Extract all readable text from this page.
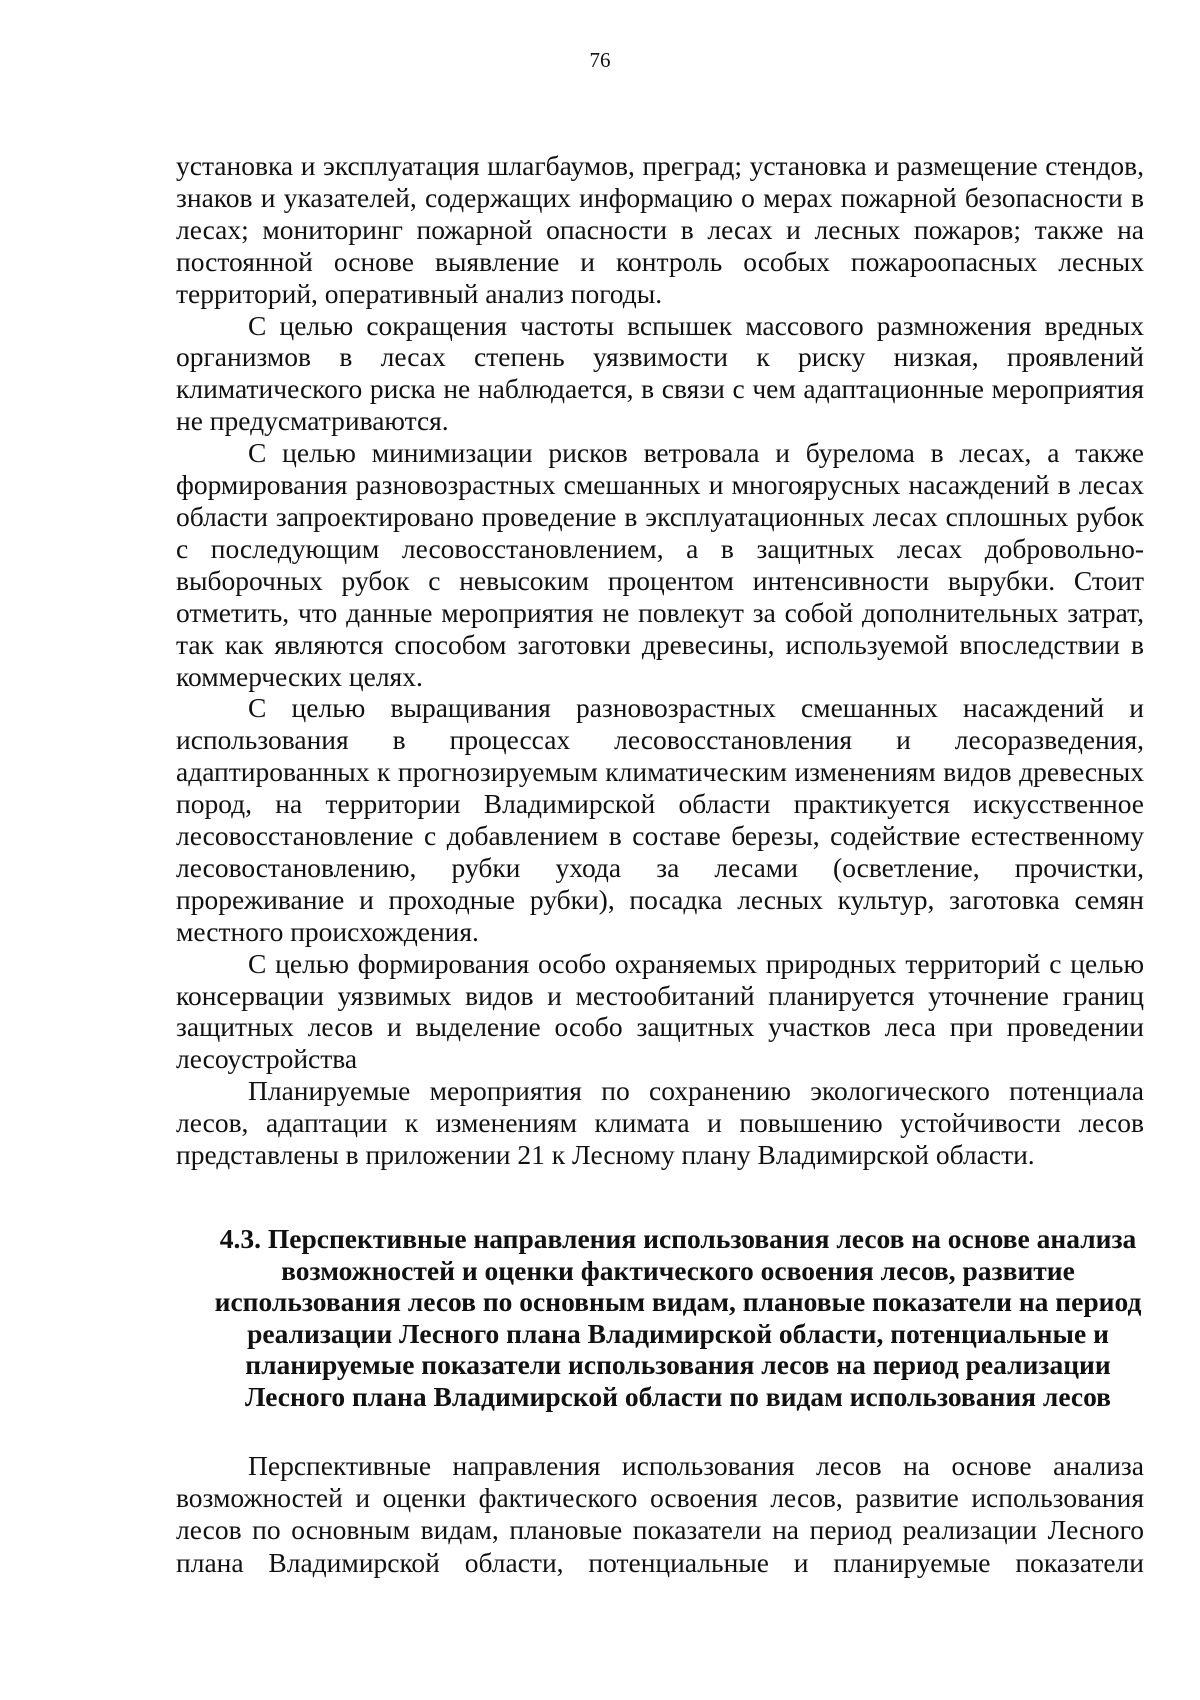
76

установка и эксплуатация шлагбаумов, преград; установка и размещение стендов, знаков и указателей, содержащих информацию о мерах пожарной безопасности в лесах; мониторинг пожарной опасности в лесах и лесных пожаров; также на постоянной основе выявление и контроль особых пожароопасных лесных территорий, оперативный анализ погоды.

С целью сокращения частоты вспышек массового размножения вредных организмов в лесах степень уязвимости к риску низкая, проявлений климатического риска не наблюдается, в связи с чем адаптационные мероприятия не предусматриваются.

С целью минимизации рисков ветровала и бурелома в лесах, а также формирования разновозрастных смешанных и многоярусных насаждений в лесах области запроектировано проведение в эксплуатационных лесах сплошных рубок с последующим лесовосстановлением, а в защитных лесах добровольно-выборочных рубок с невысоким процентом интенсивности вырубки. Стоит отметить, что данные мероприятия не повлекут за собой дополнительных затрат, так как являются способом заготовки древесины, используемой впоследствии в коммерческих целях.

С целью выращивания разновозрастных смешанных насаждений и использования в процессах лесовосстановления и лесоразведения, адаптированных к прогнозируемым климатическим изменениям видов древесных пород, на территории Владимирской области практикуется искусственное лесовосстановление с добавлением в составе березы, содействие естественному лесовостановлению, рубки ухода за лесами (осветление, прочистки, прореживание и проходные рубки), посадка лесных культур, заготовка семян местного происхождения.

С целью формирования особо охраняемых природных территорий с целью консервации уязвимых видов и местообитаний планируется уточнение границ защитных лесов и выделение особо защитных участков леса при проведении лесоустройства

Планируемые мероприятия по сохранению экологического потенциала лесов, адаптации к изменениям климата и повышению устойчивости лесов представлены в приложении 21 к Лесному плану Владимирской области.

4.3. Перспективные направления использования лесов на основе анализа возможностей и оценки фактического освоения лесов, развитие использования лесов по основным видам, плановые показатели на период реализации Лесного плана Владимирской области, потенциальные и планируемые показатели использования лесов на период реализации Лесного плана Владимирской области по видам использования лесов

Перспективные направления использования лесов на основе анализа возможностей и оценки фактического освоения лесов, развитие использования лесов по основным видам, плановые показатели на период реализации Лесного плана Владимирской области, потенциальные и планируемые показатели
